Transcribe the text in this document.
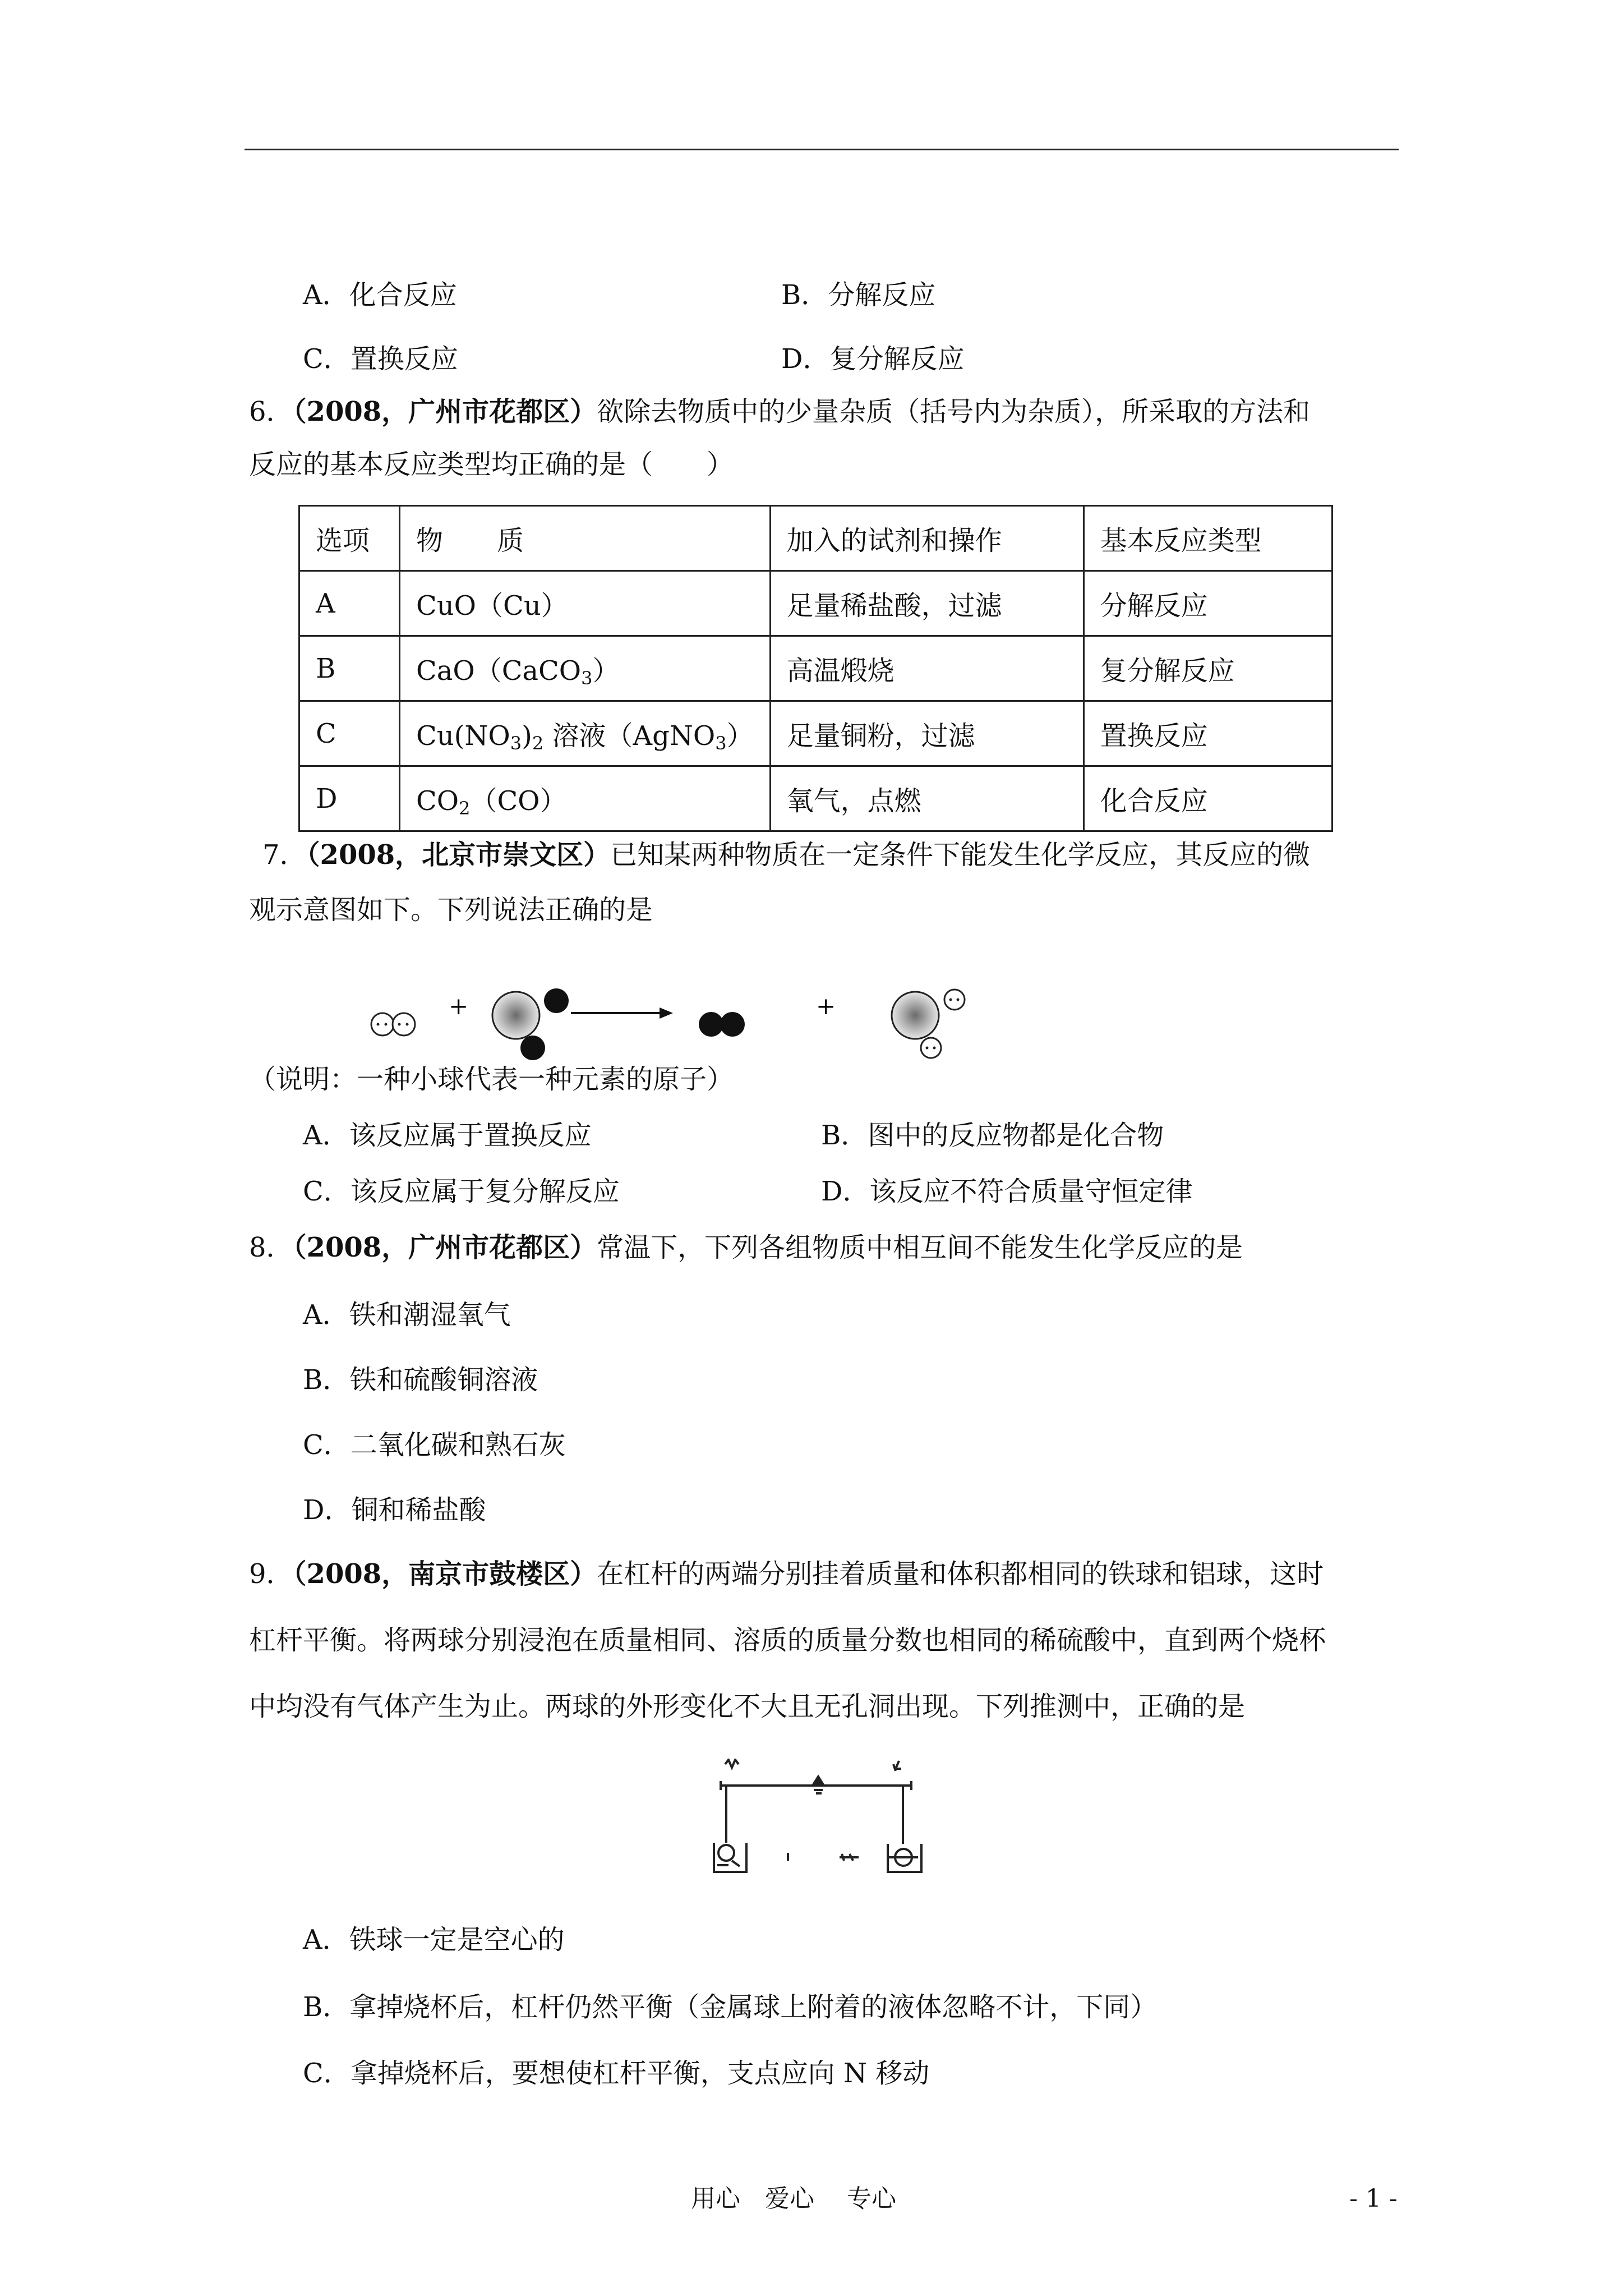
A．化合反应	B．分解反应
C．置换反应	D．复分解反应
6．（2008，广州市花都区）欲除去物质中的少量杂质（括号内为杂质），所采取的方法和
反应的基本反应类型均正确的是（　　）
选项	物　　质	加入的试剂和操作	基本反应类型
A	CuO（Cu）	足量稀盐酸，过滤	分解反应
B	CaO（CaCO$_3$）	高温煅烧	复分解反应
C	$Cu(NO_3)_2$ 溶液（AgNO$_3$）	足量铜粉，过滤	置换反应
D	$CO_2(CO)$	氧气，点燃	化合反应
7．（2008，北京市崇文区）已知某两种物质在一定条件下能发生化学反应，其反应的微
观示意图如下。下列说法正确的是
+	+
（说明：一种小球代表一种元素的原子）
A．该反应属于置换反应	B．图中的反应物都是化合物
C．该反应属于复分解反应	D．该反应不符合质量守恒定律
8．（2008，广州市花都区）常温下，下列各组物质中相互间不能发生化学反应的是
A．铁和潮湿氧气
B．铁和硫酸铜溶液
C．二氧化碳和熟石灰
D．铜和稀盐酸
9．（2008，南京市鼓楼区）在杠杆的两端分别挂着质量和体积都相同的铁球和铝球，这时
杠杆平衡。将两球分别浸泡在质量相同、溶质的质量分数也相同的稀硫酸中，直到两个烧杯
中均没有气体产生为止。两球的外形变化不大且无孔洞出现。下列推测中，正确的是
A．铁球一定是空心的
B．拿掉烧杯后，杠杆仍然平衡（金属球上附着的液体忽略不计，下同）
C．拿掉烧杯后，要想使杠杆平衡，支点应向 N 移动
用心　爱心　 专心	- 1 -
